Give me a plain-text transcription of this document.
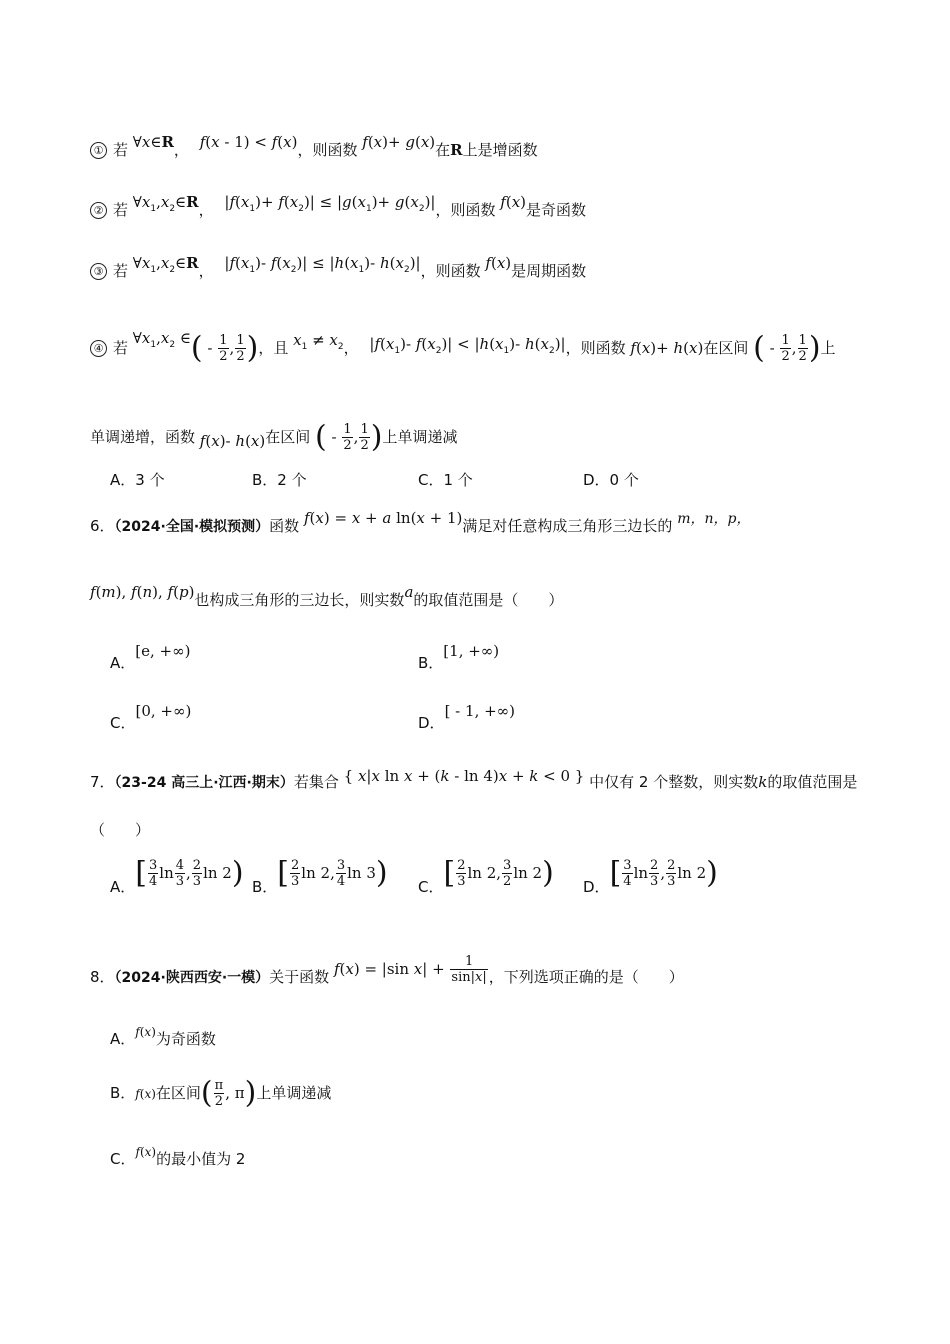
① 若 ∀x∈R， f(x - 1) < f(x)，则函数 f(x)+ g(x)在R上是增函数
② 若 $\forall x_1,x_2\in R$， $|f(x_1)+ f(x_2)| \le |g(x_1)+ g(x_2)|$，则函数 f(x)是奇函数
③ 若 $\forall x_1,x_2\in R$， $|f(x_1)-$ $f(x_2)| \le |h(x_1)-$ $h(x_2)|$，则函数 f(x)是周期函数
④ 若 $\forall x_1,x_2$ ∈( - $\frac{1}{2}$ , $\frac{1}{2}$ )，且 $x_1 \ne x_2$， $|f(x_1)-$ $f(x_2)| < |h(x_1)-$ $h(x_2)|$，则函数 f(x)+ h(x)在区间 ( - $\frac{1}{2}$ , $\frac{1}{2}$ )上
单调递增，函数 f(x)- h(x)在区间 ( - $\frac{1}{2}$ , $\frac{1}{2}$ )上单调递减
A．3 个	B．2 个	C．1 个	D．0 个
6．（2024·全国·模拟预测）函数 f(x) = x + a ln(x + 1)满足对任意构成三角形三边长的 m，n，p，
f(m), f(n), f(p)也构成三角形的三边长，则实数a的取值范围是（　　）
A．[e, +∞)
B．[1, +∞)
C．[0, +∞)
D．[ - 1, +∞)
7．（23-24 高三上·江西·期末）若集合 { x|x ln x + (k - ln 4)x + k < 0 } 中仅有 2 个整数，则实数k的取值范围是
（　　）
A．[ $\frac{3}{4}$ $\ln \frac{4}{3}$ , $\frac{2}{3}$ ln 2) B．[ $\frac{2}{3}$ ln 2, $\frac{3}{4}$ ln 3) C．[ $\frac{2}{3}$ ln 2, $\frac{3}{2}$ ln 2) D．[ $\frac{3}{4}$ $\ln \frac{2}{3}$ , $\frac{2}{3}$ ln 2)
8．（2024·陕西西安·一模）关于函数 f(x) = |sin $x| + \frac{1}{\sin|x|}$ ，下列选项正确的是（　　）
A．$^{f(x)}$为奇函数
B．f(x)在区间( $\frac{\pi}{2}$ , π)上单调递减
C．$^{f(x)}$的最小值为 2
